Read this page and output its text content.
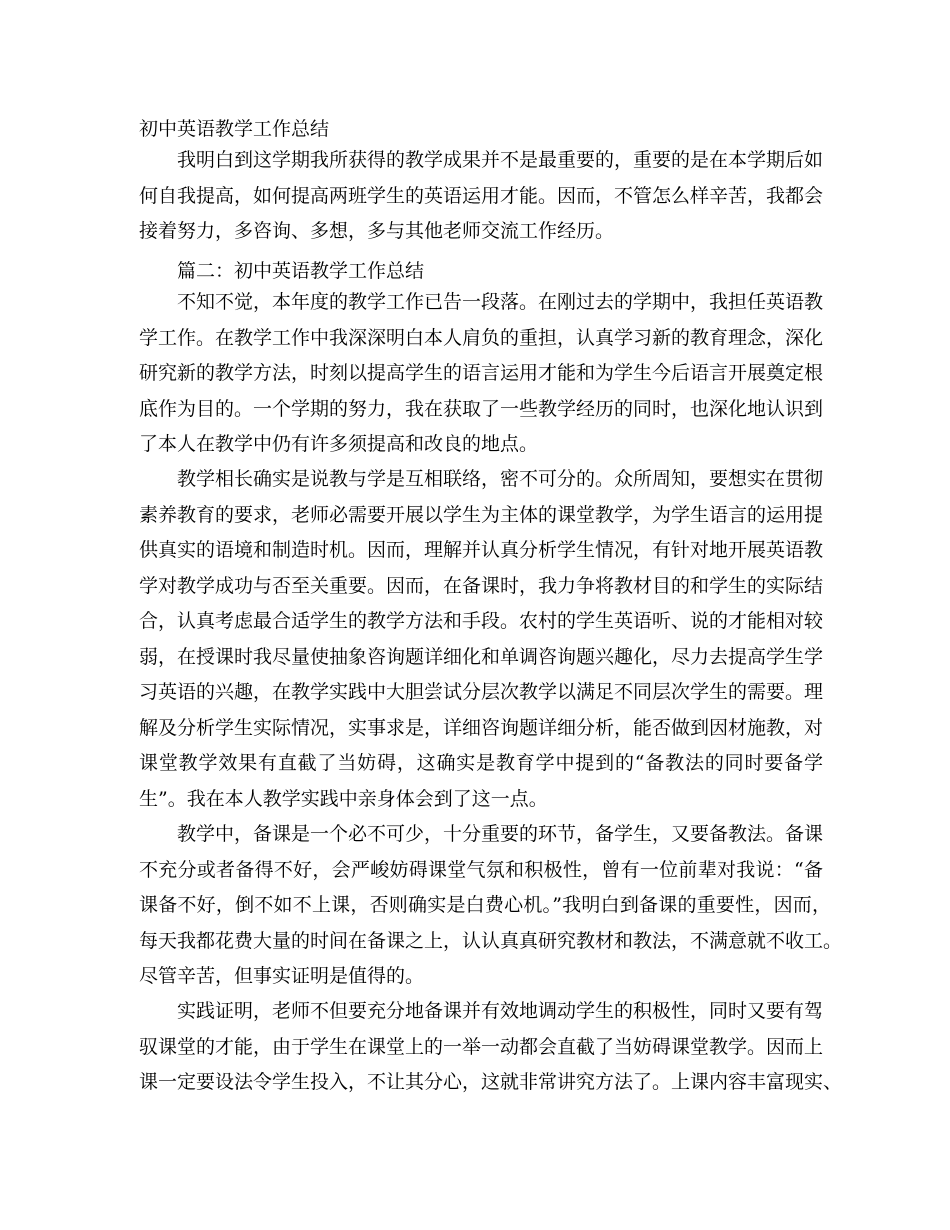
初中英语教学工作总结
我明白到这学期我所获得的教学成果并不是最重要的，重要的是在本学期后如
何自我提高，如何提高两班学生的英语运用才能。因而，不管怎么样辛苦，我都会
接着努力，多咨询、多想，多与其他老师交流工作经历。
篇二：初中英语教学工作总结
不知不觉，本年度的教学工作已告一段落。在刚过去的学期中，我担任英语教
学工作。在教学工作中我深深明白本人肩负的重担，认真学习新的教育理念，深化
研究新的教学方法，时刻以提高学生的语言运用才能和为学生今后语言开展奠定根
底作为目的。一个学期的努力，我在获取了一些教学经历的同时，也深化地认识到
了本人在教学中仍有许多须提高和改良的地点。
教学相长确实是说教与学是互相联络，密不可分的。众所周知，要想实在贯彻
素养教育的要求，老师必需要开展以学生为主体的课堂教学，为学生语言的运用提
供真实的语境和制造时机。因而，理解并认真分析学生情况，有针对地开展英语教
学对教学成功与否至关重要。因而，在备课时，我力争将教材目的和学生的实际结
合，认真考虑最合适学生的教学方法和手段。农村的学生英语听、说的才能相对较
弱，在授课时我尽量使抽象咨询题详细化和单调咨询题兴趣化，尽力去提高学生学
习英语的兴趣，在教学实践中大胆尝试分层次教学以满足不同层次学生的需要。理
解及分析学生实际情况，实事求是，详细咨询题详细分析，能否做到因材施教，对
课堂教学效果有直截了当妨碍，这确实是教育学中提到的“备教法的同时要备学
生”。我在本人教学实践中亲身体会到了这一点。
教学中，备课是一个必不可少，十分重要的环节，备学生，又要备教法。备课
不充分或者备得不好，会严峻妨碍课堂气氛和积极性，曾有一位前辈对我说：“备
课备不好，倒不如不上课，否则确实是白费心机。”我明白到备课的重要性，因而，
每天我都花费大量的时间在备课之上，认认真真研究教材和教法，不满意就不收工。
尽管辛苦，但事实证明是值得的。
实践证明，老师不但要充分地备课并有效地调动学生的积极性，同时又要有驾
驭课堂的才能，由于学生在课堂上的一举一动都会直截了当妨碍课堂教学。因而上
课一定要设法令学生投入，不让其分心，这就非常讲究方法了。上课内容丰富现实、
